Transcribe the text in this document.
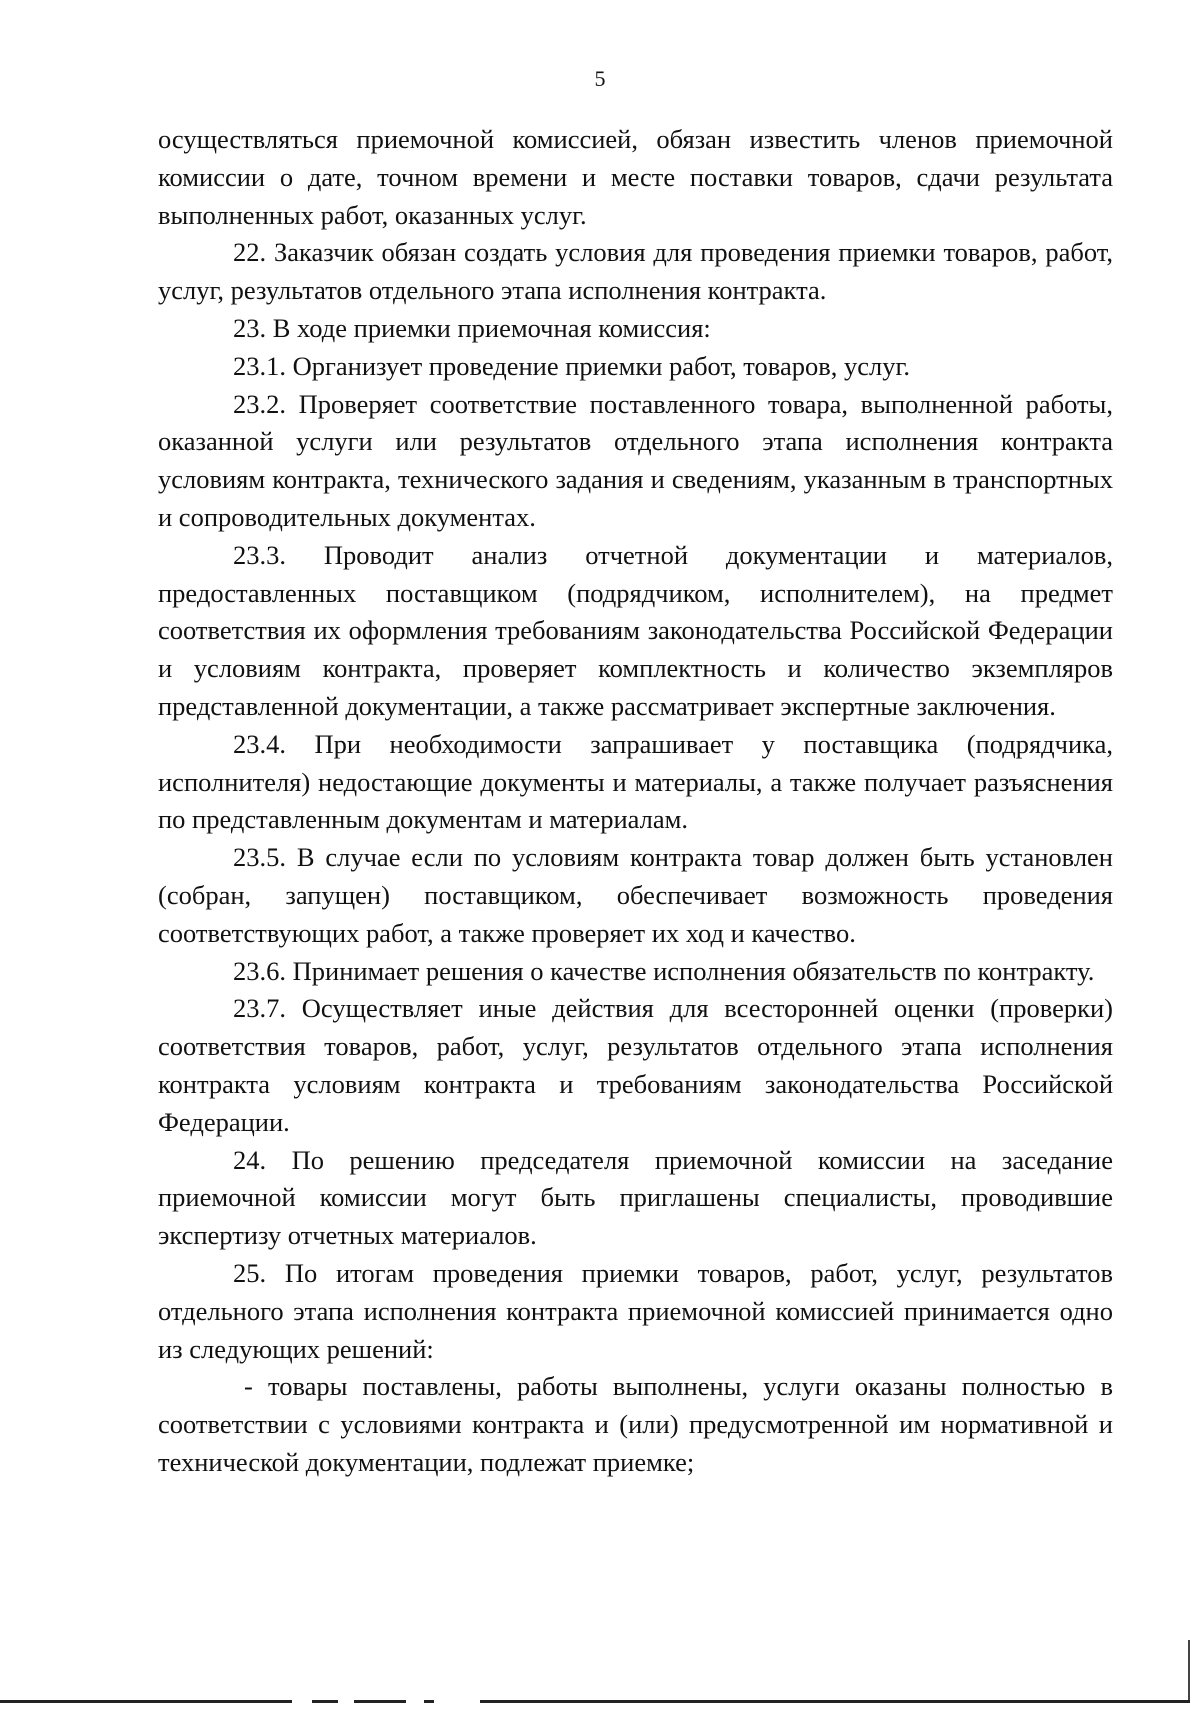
5

осуществляться приемочной комиссией, обязан известить членов приемочной комиссии о дате, точном времени и месте поставки товаров, сдачи результата выполненных работ, оказанных услуг.

22. Заказчик обязан создать условия для проведения приемки товаров, работ, услуг, результатов отдельного этапа исполнения контракта.

23. В ходе приемки приемочная комиссия:

23.1. Организует проведение приемки работ, товаров, услуг.

23.2. Проверяет соответствие поставленного товара, выполненной работы, оказанной услуги или результатов отдельного этапа исполнения контракта условиям контракта, технического задания и сведениям, указанным в транспортных и сопроводительных документах.

23.3. Проводит анализ отчетной документации и материалов, предоставленных поставщиком (подрядчиком, исполнителем), на предмет соответствия их оформления требованиям законодательства Российской Федерации и условиям контракта, проверяет комплектность и количество экземпляров представленной документации, а также рассматривает экспертные заключения.

23.4. При необходимости запрашивает у поставщика (подрядчика, исполнителя) недостающие документы и материалы, а также получает разъяснения по представленным документам и материалам.

23.5. В случае если по условиям контракта товар должен быть установлен (собран, запущен) поставщиком, обеспечивает возможность проведения соответствующих работ, а также проверяет их ход и качество.

23.6. Принимает решения о качестве исполнения обязательств по контракту.

23.7. Осуществляет иные действия для всесторонней оценки (проверки) соответствия товаров, работ, услуг, результатов отдельного этапа исполнения контракта условиям контракта и требованиям законодательства Российской Федерации.

24. По решению председателя приемочной комиссии на заседание приемочной комиссии могут быть приглашены специалисты, проводившие экспертизу отчетных материалов.

25. По итогам проведения приемки товаров, работ, услуг, результатов отдельного этапа исполнения контракта приемочной комиссией принимается одно из следующих решений:

- товары поставлены, работы выполнены, услуги оказаны полностью в соответствии с условиями контракта и (или) предусмотренной им нормативной и технической документации, подлежат приемке;
